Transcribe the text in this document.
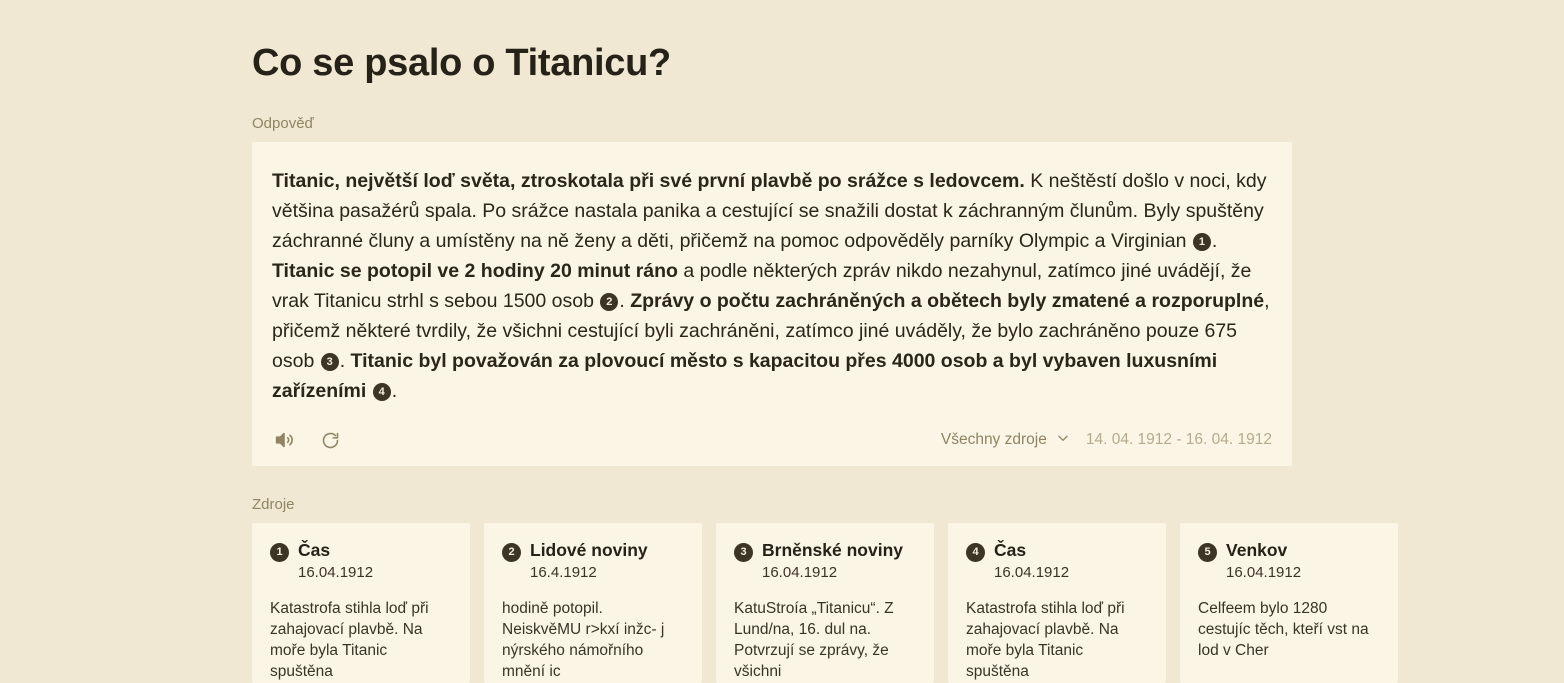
Co se psalo o Titanicu?
Odpověď

Titanic, největší loď světa, ztroskotala při své první plavbě po srážce s ledovcem. K neštěstí došlo v noci, kdy většina pasažérů spala. Po srážce nastala panika a cestující se snažili dostat k záchranným člunům. Byly spuštěny záchranné čluny a umístěny na ně ženy a děti, přičemž na pomoc odpověděly parníky Olympic a Virginian 1 . Titanic se potopil ve 2 hodiny 20 minut ráno a podle některých zpráv nikdo nezahynul, zatímco jiné uvádějí, že vrak Titanicu strhl s sebou 1500 osob 2 . Zprávy o počtu zachráněných a obětech byly zmatené a rozporuplné, přičemž některé tvrdily, že všichni cestující byli zachráněni, zatímco jiné uváděly, že bylo zachráněno pouze 675 osob 3 . Titanic byl považován za plovoucí město s kapacitou přes 4000 osob a byl vybaven luxusními zařízeními 4 .

Všechny zdroje	14. 04. 1912 - 16. 04. 1912
Zdroje
1 Čas
16.04.1912
Katastrofa stihla loď při zahajovací plavbě. Na moře byla Titanic spuštěna
2 Lidové noviny
16.4.1912
hodině potopil. NeiskvěMU r>kxí inžc- j nýrského námořního mnění ic
3 Brněnské noviny
16.04.1912
KatuStroía „Titanicu“. Z Lund/na, 16. dul na. Potvrzují se zprávy, že všichni
4 Čas
16.04.1912
Katastrofa stihla loď při zahajovací plavbě. Na moře byla Titanic spuštěna
5 Venkov
16.04.1912
Celfeem bylo 1280 cestujíc těch, kteří vst na lod v Cher
